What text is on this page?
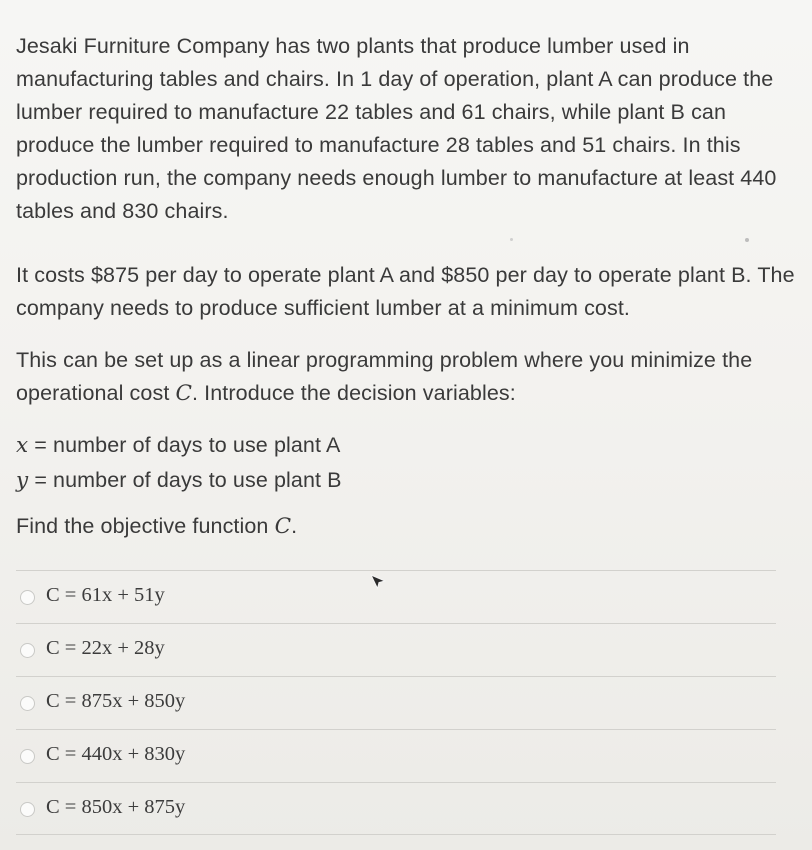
Jesaki Furniture Company has two plants that produce lumber used in manufacturing tables and chairs. In 1 day of operation, plant A can produce the lumber required to manufacture 22 tables and 61 chairs, while plant B can produce the lumber required to manufacture 28 tables and 51 chairs. In this production run, the company needs enough lumber to manufacture at least 440 tables and 830 chairs.

It costs $875 per day to operate plant A and $850 per day to operate plant B. The company needs to produce sufficient lumber at a minimum cost.

This can be set up as a linear programming problem where you minimize the operational cost C. Introduce the decision variables:

x = number of days to use plant A
y = number of days to use plant B

Find the objective function C.

C = 61x + 51y
C = 22x + 28y
C = 875x + 850y
C = 440x + 830y
C = 850x + 875y
